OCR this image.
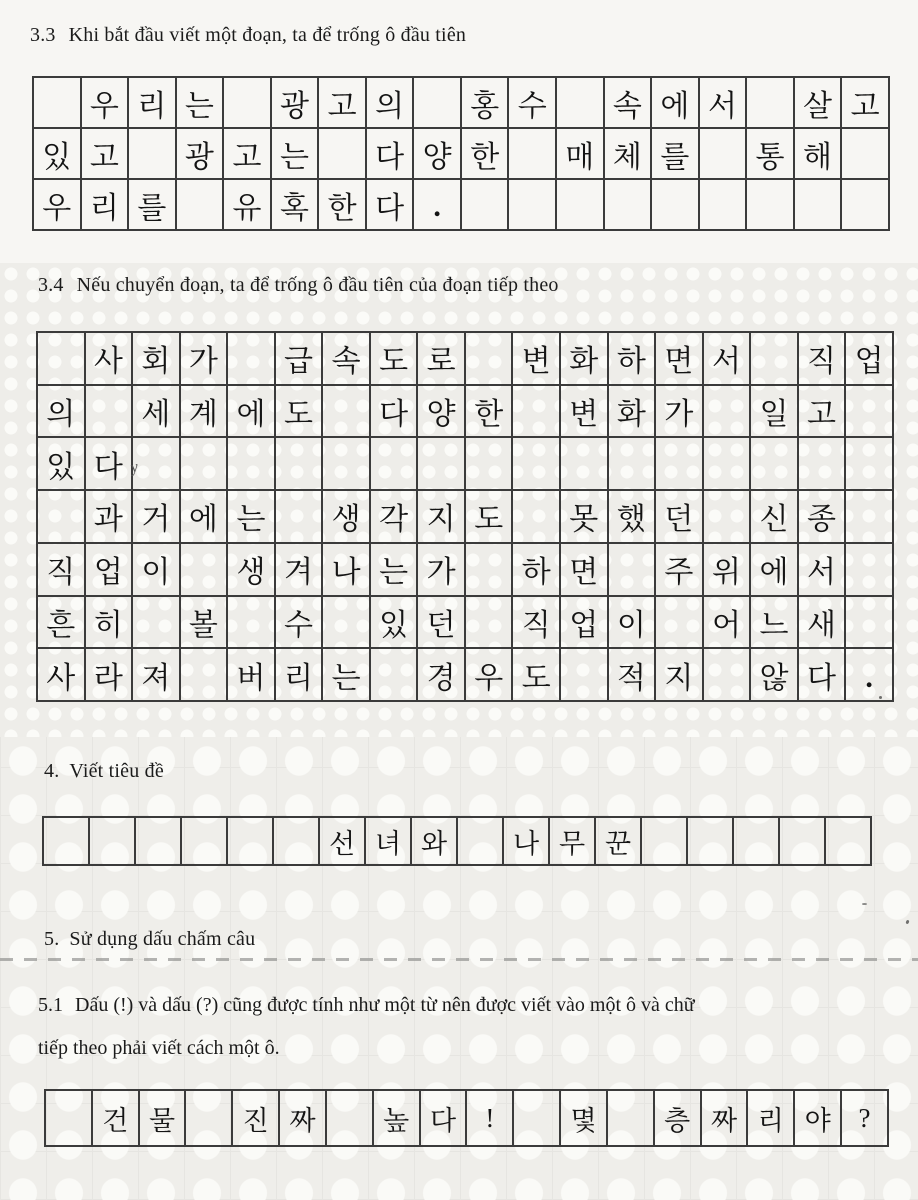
3.3 Khi bắt đầu viết một đoạn, ta để trống ô đầu tiên
	우	리	는		광	고	의		홍	수		속	에	서		살	고
있	고		광	고	는		다	양	한		매	체	를		통	해	
우	리	를		유	혹	한	다	.									
3.4 Nếu chuyển đoạn, ta để trống ô đầu tiên của đoạn tiếp theo
	사	회	가		급	속	도	로		변	화	하	면	서		직	업
의		세	계	에	도		다	양	한		변	화	가		일	고	
있	다																
	과	거	에	는		생	각	지	도		못	했	던		신	종	
직	업	이		생	겨	나	는	가		하	면		주	위	에	서	
흔	히		볼		수		있	던		직	업	이		어	느	새	
사	라	져		버	리	는		경	우	도		적	지		않	다	.
y
4. Viết tiêu đề
						선	녀	와		나	무	꾼					
5. Sử dụng dấu chấm câu
5.1 Dấu (!) và dấu (?) cũng được tính như một từ nên được viết vào một ô và chữ
tiếp theo phải viết cách một ô.
	건	물		진	짜		높	다	!		몇		층	짜	리	야	?
